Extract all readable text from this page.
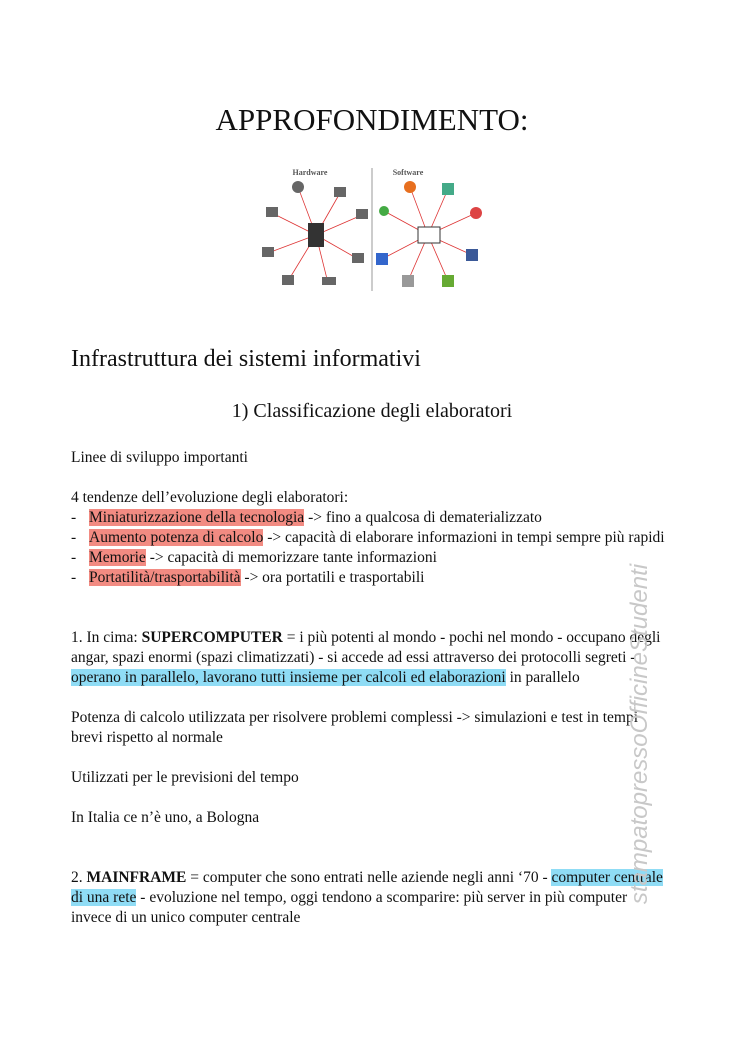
APPROFONDIMENTO:
Hardware	Software
Infrastruttura dei sistemi informativi
1) Classificazione degli elaboratori

Linee di sviluppo importanti

4 tendenze dell’evoluzione degli elaboratori:

- Miniaturizzazione della tecnologia -> fino a qualcosa di dematerializzato

- Aumento potenza di calcolo -> capacità di elaborare informazioni in tempi sempre più rapidi

- Memorie -> capacità di memorizzare tante informazioni

- Portatilità/trasportabilità -> ora portatili e trasportabili

1. In cima: SUPERCOMPUTER = i più potenti al mondo - pochi nel mondo - occupano degli angar, spazi enormi (spazi climatizzati) - si accede ad essi attraverso dei protocolli segreti - operano in parallelo, lavorano tutti insieme per calcoli ed elaborazioni in parallelo

Potenza di calcolo utilizzata per risolvere problemi complessi -> simulazioni e test in tempi brevi rispetto al normale

Utilizzati per le previsioni del tempo

In Italia ce n’è uno, a Bologna

2. MAINFRAME = computer che sono entrati nelle aziende negli anni ‘70 - computer centrale di una rete - evoluzione nel tempo, oggi tendono a scomparire: più server in più computer invece di un unico computer centrale

stampatopressoOfficineStudenti
